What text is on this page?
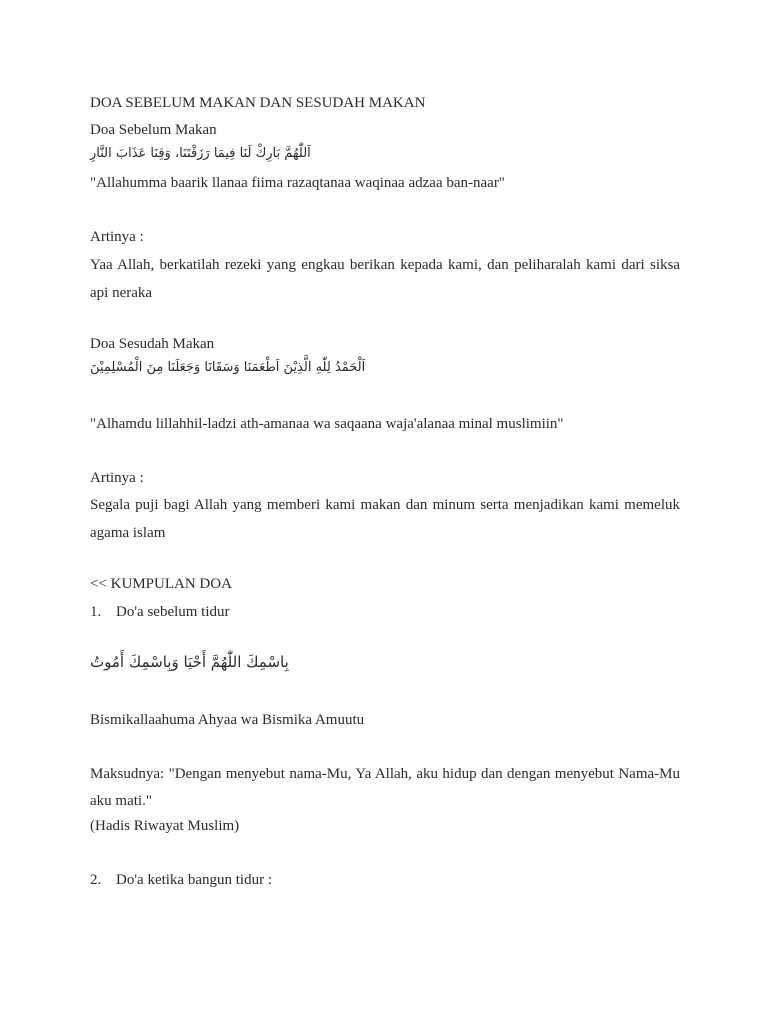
DOA SEBELUM MAKAN DAN SESUDAH MAKAN
Doa Sebelum Makan
اَللّٰهُمَّ بَارِكْ لَنَا فِيمَا رَزَقْتَنَا، وَقِنَا عَذَابَ النَّارِ
"Allahumma baarik llanaa fiima razaqtanaa waqinaa adzaa ban-naar"
Artinya :
Yaa Allah, berkatilah rezeki yang engkau berikan kepada kami, dan peliharalah kami dari siksa
api neraka
Doa Sesudah Makan
اَلْحَمْدُ لِلّٰهِ الَّذِيْنَ اَطْعَمَنَا وَسَقَانَا وَجَعَلَنَا مِنَ الْمُسْلِمِيْنَ
"Alhamdu lillahhil-ladzi ath-amanaa wa saqaana waja'alanaa minal muslimiin"
Artinya :
Segala puji bagi Allah yang memberi kami makan dan minum serta menjadikan kami memeluk
agama islam
<< KUMPULAN DOA
1. Do'a sebelum tidur
بِاسْمِكَ اللّٰهُمَّ أَحْيَا وَبِاسْمِكَ أَمُوتُ
Bismikallaahuma Ahyaa wa Bismika Amuutu
Maksudnya: "Dengan menyebut nama-Mu, Ya Allah, aku hidup dan dengan menyebut Nama-Mu
aku mati."
(Hadis Riwayat Muslim)
2. Do'a ketika bangun tidur :
